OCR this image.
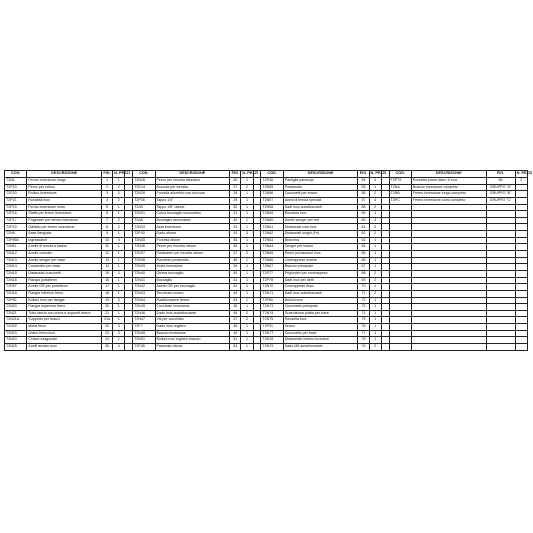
COD.	DESCRIZIONE	FIG.	N. PEZZI		COD.	DESCRIZIONE	FIG.	N. PEZZI		COD.	DESCRIZIONE	FIG.	N. PEZZI		COD.	DESCRIZIONE	FIG.	N. PEZZI
T2N1	Fermo inversione lungo	1	1		T2N26	Perno per forcella alluminio	26	1		T2P46	Pastiglia paracolpi	54	3		T2P79	Rondella piana diam. 6 inox	80	2
T2P19	Perno per rullino	2	2		T2D14	Boccola per forcella	27	2		T2N55	Portamolla	55	1		T2NA	Braccio inversione completo	GRUPPO "A"	
T2P20	Rullino inversione	3	2		T2N28	Forcella alluminio con boccola	28	1		T2N56	Cuscinetti per bracci	56	2		T2NB	Fermo inversione lungo completo	GRUPPO "B"	
T2P21	Rondella inox	4	2		T2P36	Tappo 1/4"	29	1		T2N57	Anelli di tenuta speciali	57	4		T2PC	Fermo inversione corto completo	GRUPPO "C"	
T2P23	Fermo inversione corto	5	1		T2A9	Tappo 1/8" ottone	30	1		T2N58	Dadi inox autobloccanti	58	2					
T2P16	Staffa per fermo inversione	6	1		T2N31	Curva boccaglio secondario	31	1		T2N59	Rondella inox	59	1					
T2P17	Prigionieri per fermo inversione	7	2		T2A8	Boccaglio secondario	32	1		T2N60	Anello seeger per fori	60	4					
T2P15	Galletto per fermo inversione	8	2		T2N33	Asta inversione	33	1		T2N61	Distanziali corti inox	61	2					
T2N9	Base flangiata	9	1		T2P43	Dado ottone	34	3		T2N62	Distanziali lunghi (Fe)	62	2					
T2P858	Ingrassatori	10	4		T2N35	Forcella ottone	35	1		T2N63	Bronzina	63	1					
T2N11	Anello di tenuta a labbro	11	1		T2N36	Perno per forcella ottone	36	1		T2N64	Seeger per bracci	64	1					
T2N12	Anello cromato	12	1		T2N37	Distanzieri per forcella ottone	37	2		T2N65	Perno portabracci inox	65	1					
T2N13	Anello seeger per base	13	1		T2N38	Rondella portamolla	38	1		T2N66	Contrappeso mobile	66	1					
T2N14	Cuscinetto per base	14	1		T2N39	Molla inversione	39	1		T2N67	Braccio principale	67	1					
T2N15	Distanziali cuscinetti	15	2		T2N40	Ghiera boccaglio	40	1		T2P77	Prigionieri per contrappeso	68	2					
T2N16	Flangia portaflemi	16	1		T2N41	Boccaglio	41	1		T2P78	Dadi inox per detti	69	2					
T2P67	Anello OR per portaflemi	17	1		T2N42	Anello OR per boccaglio	42	1		T2N70	Contrappeso fisso	70	1					
T2N18	Flangia inferiore freno	18	1		T2N43	Terminale conico	43	1		T2N71	Dadi inox autobloccanti	71	2					
T2P82	Bulloni inox per flangia	19	3		T2N44	Raddrizzatore lancio	44	1		T2P80	Bulloni inox	72	1					
T2N20	Flangia superiore freno	20	1		T2N45	Cucchiaio inversione	45	1		T2N73	Cuscinetto principale	73	1					
T2N21	Tubo lancio con curva e supporti bracci	21	1		T2N46	Dado inox autobloccante	46	2		T2N74	Guarnizione piatta per base	74	1					
T2N21A	Supporto per bracci	21a	1		T2N47	Viti per cucchiaio	47	2		T2N75	Rondella inox	75	1					
T2N22	Molla freno	22	3		T2F7	Dado inox registro	48	1		T2P31	Grano	76	1					
T2N23	Grano freno inox	23	3		T2N49	Braccio inversione	49	1		T2N77	Cuscinetto per base	77	1					
T2N24	Chiave esagonale	24	1		T2N51	Bulloni inox registro braccio	51	1		T2N78	Distanziale interno bronzine	78	1					
T2N25	Anelli arresto inox	25	4		T2P45	Paracolpi ottone	53	1		T2N79	Dado M8 autobloccante	79	2					
